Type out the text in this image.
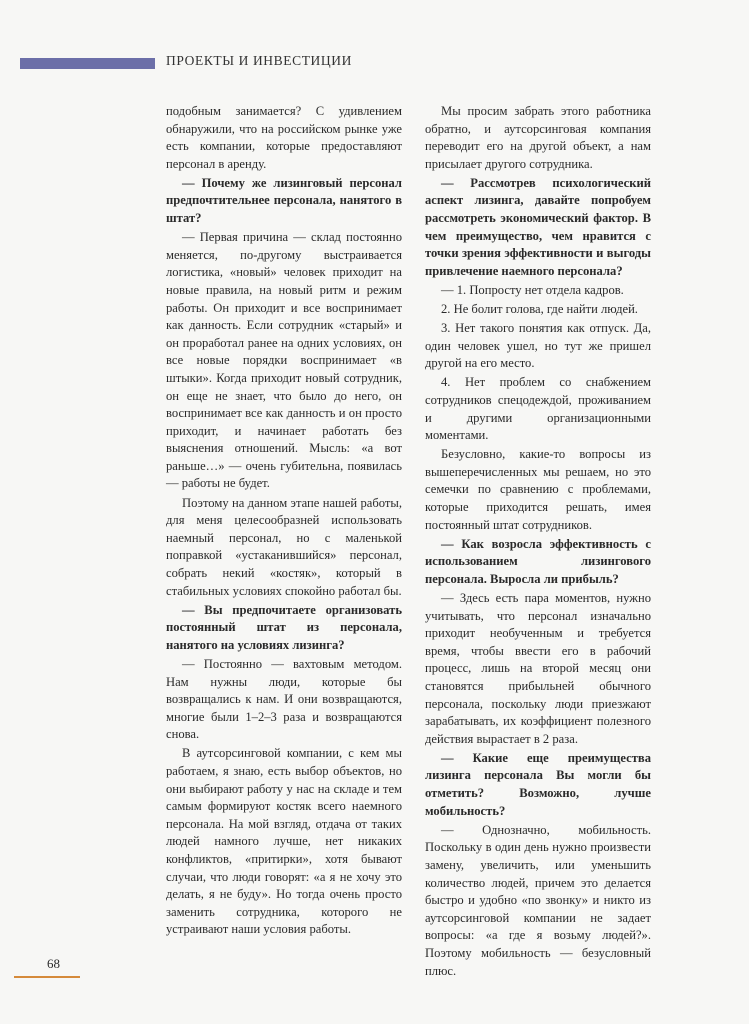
ПРОЕКТЫ И ИНВЕСТИЦИИ

подобным занимается? С удивлением обнаружили, что на российском рынке уже есть компании, которые предоставляют персонал в аренду.

— Почему же лизинговый персонал предпочтительнее персонала, нанятого в штат?

— Первая причина — склад постоянно меняется, по-другому выстраивается логистика, «новый» человек приходит на новые правила, на новый ритм и режим работы. Он приходит и все воспринимает как данность. Если сотрудник «старый» и он проработал ранее на одних условиях, он все новые порядки воспринимает «в штыки». Когда приходит новый сотрудник, он еще не знает, что было до него, он воспринимает все как данность и он просто приходит, и начинает работать без выяснения отношений. Мысль: «а вот раньше…» — очень губительна, появилась — работы не будет.

Поэтому на данном этапе нашей работы, для меня целесообразней использовать наемный персонал, но с маленькой поправкой «устаканившийся» персонал, собрать некий «костяк», который в стабильных условиях спокойно работал бы.

— Вы предпочитаете организовать постоянный штат из персонала, нанятого на условиях лизинга?

— Постоянно — вахтовым методом. Нам нужны люди, которые бы возвращались к нам. И они возвращаются, многие были 1–2–3 раза и возвращаются снова.

В аутсорсинговой компании, с кем мы работаем, я знаю, есть выбор объектов, но они выбирают работу у нас на складе и тем самым формируют костяк всего наемного персонала. На мой взгляд, отдача от таких людей намного лучше, нет никаких конфликтов, «притирки», хотя бывают случаи, что люди говорят: «а я не хочу это делать, я не буду». Но тогда очень просто заменить сотрудника, которого не устраивают наши условия работы.

Мы просим забрать этого работника обратно, и аутсорсинговая компания переводит его на другой объект, а нам присылает другого сотрудника.

— Рассмотрев психологический аспект лизинга, давайте попробуем рассмотреть экономический фактор. В чем преимущество, чем нравится с точки зрения эффективности и выгоды привлечение наемного персонала?

— 1. Попросту нет отдела кадров.

2. Не болит голова, где найти людей.

3. Нет такого понятия как отпуск. Да, один человек ушел, но тут же пришел другой на его место.

4. Нет проблем со снабжением сотрудников спецодеждой, проживанием и другими организационными моментами.

Безусловно, какие-то вопросы из вышеперечисленных мы решаем, но это семечки по сравнению с проблемами, которые приходится решать, имея постоянный штат сотрудников.

— Как возросла эффективность с использованием лизингового персонала. Выросла ли прибыль?

— Здесь есть пара моментов, нужно учитывать, что персонал изначально приходит необученным и требуется время, чтобы ввести его в рабочий процесс, лишь на второй месяц они становятся прибыльней обычного персонала, поскольку люди приезжают зарабатывать, их коэффициент полезного действия вырастает в 2 раза.

— Какие еще преимущества лизинга персонала Вы могли бы отметить? Возможно, лучше мобильность?

— Однозначно, мобильность. Поскольку в один день нужно произвести замену, увеличить, или уменьшить количество людей, причем это делается быстро и удобно «по звонку» и никто из аутсорсинговой компании не задает вопросы: «а где я возьму людей?». Поэтому мобильность — безусловный плюс.

68
